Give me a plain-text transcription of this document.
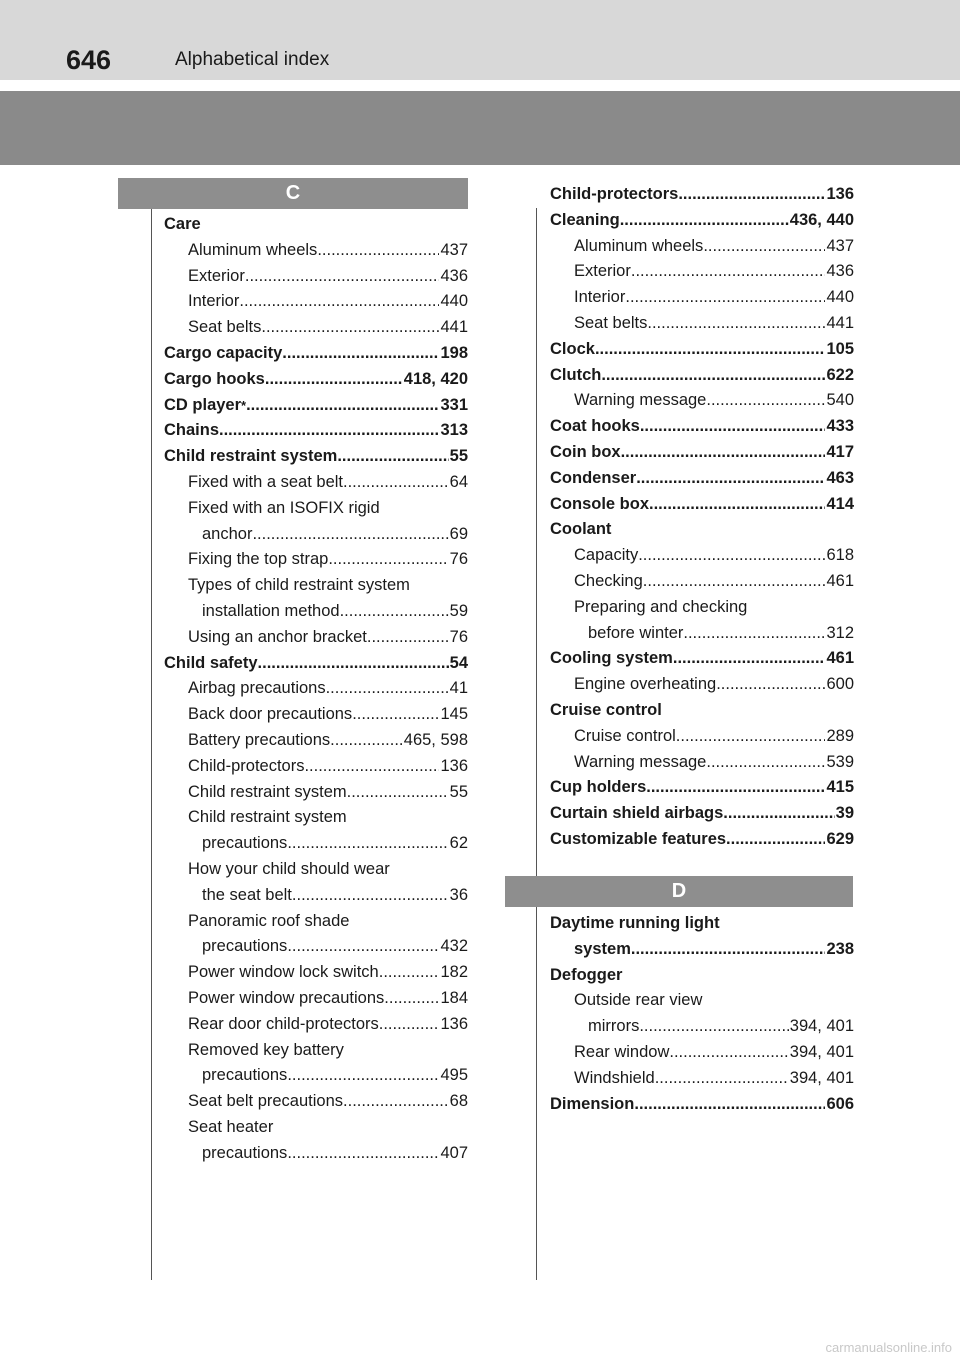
646	Alphabetical index
C
Care
Aluminum wheels .....	437
Exterior .....	436
Interior .....	440
Seat belts .....	441
Cargo capacity .....	198
Cargo hooks .....	418, 420
CD player * .....	331
Chains .....	313
Child restraint system .....	55
Fixed with a seat belt .....	64
Fixed with an ISOFIX rigid
anchor .....	69
Fixing the top strap .....	76
Types of child restraint system
installation method .....	59
Using an anchor bracket .....	76
Child safety .....	54
Airbag precautions .....	41
Back door precautions .....	145
Battery precautions .....	465, 598
Child-protectors .....	136
Child restraint system .....	55
Child restraint system
precautions .....	62
How your child should wear
the seat belt .....	36
Panoramic roof shade
precautions .....	432
Power window lock switch .....	182
Power window precautions .....	184
Rear door child-protectors .....	136
Removed key battery
precautions .....	495
Seat belt precautions .....	68
Seat heater
precautions .....	407
Child-protectors .....	136
Cleaning .....	436, 440
Aluminum wheels .....	437
Exterior .....	436
Interior .....	440
Seat belts .....	441
Clock .....	105
Clutch .....	622
Warning message .....	540
Coat hooks .....	433
Coin box .....	417
Condenser .....	463
Console box .....	414
Coolant
Capacity .....	618
Checking .....	461
Preparing and checking
before winter .....	312
Cooling system .....	461
Engine overheating .....	600
Cruise control
Cruise control .....	289
Warning message .....	539
Cup holders .....	415
Curtain shield airbags .....	39
Customizable features .....	629
D
Daytime running light
system .....	238
Defogger
Outside rear view
mirrors .....	394, 401
Rear window .....	394, 401
Windshield .....	394, 401
Dimension .....	606
carmanualsonline.info
